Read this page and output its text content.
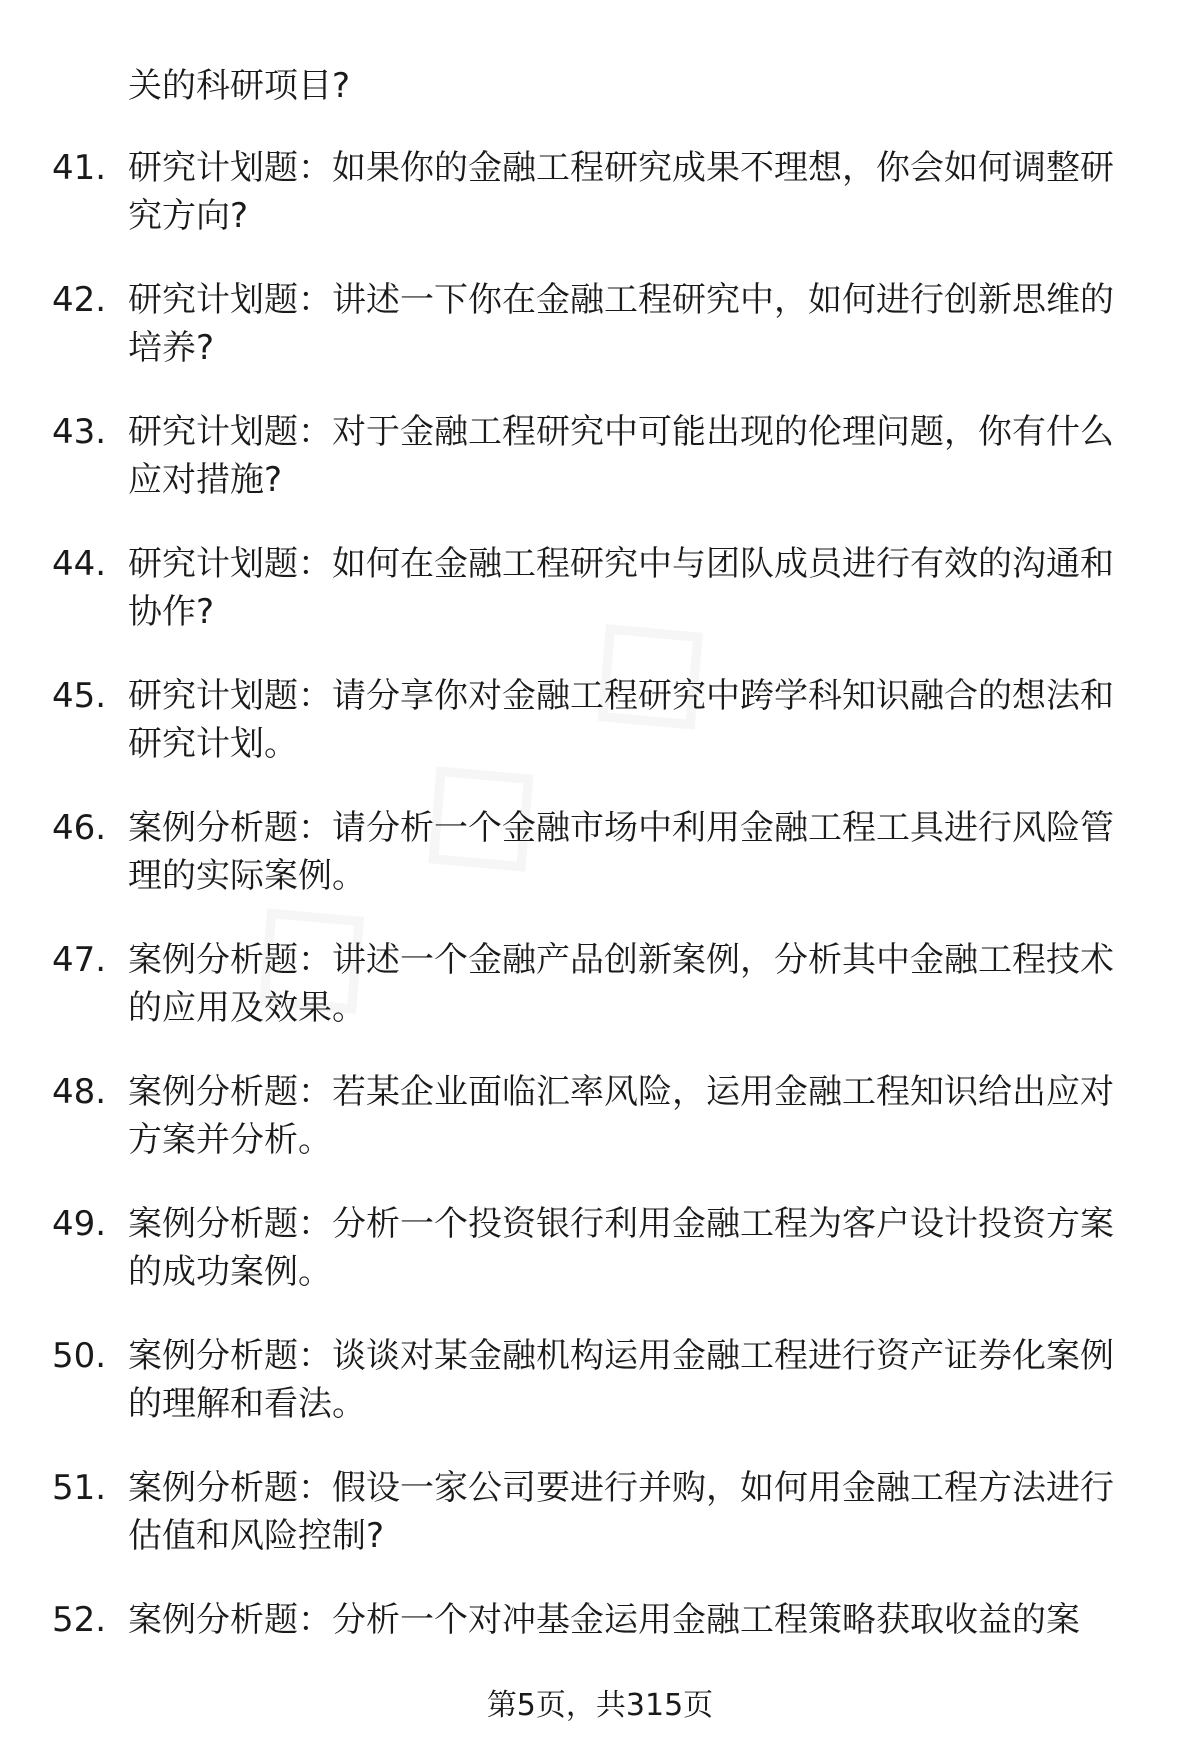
关的科研项目?
41. 研究计划题：如果你的金融工程研究成果不理想，你会如何调整研究方向?
42. 研究计划题：讲述一下你在金融工程研究中，如何进行创新思维的培养?
43. 研究计划题：对于金融工程研究中可能出现的伦理问题，你有什么应对措施?
44. 研究计划题：如何在金融工程研究中与团队成员进行有效的沟通和协作?
45. 研究计划题：请分享你对金融工程研究中跨学科知识融合的想法和研究计划。
46. 案例分析题：请分析一个金融市场中利用金融工程工具进行风险管理的实际案例。
47. 案例分析题：讲述一个金融产品创新案例，分析其中金融工程技术的应用及效果。
48. 案例分析题：若某企业面临汇率风险，运用金融工程知识给出应对方案并分析。
49. 案例分析题：分析一个投资银行利用金融工程为客户设计投资方案的成功案例。
50. 案例分析题：谈谈对某金融机构运用金融工程进行资产证券化案例的理解和看法。
51. 案例分析题：假设一家公司要进行并购，如何用金融工程方法进行估值和风险控制?
52. 案例分析题：分析一个对冲基金运用金融工程策略获取收益的案
第5页，共315页
